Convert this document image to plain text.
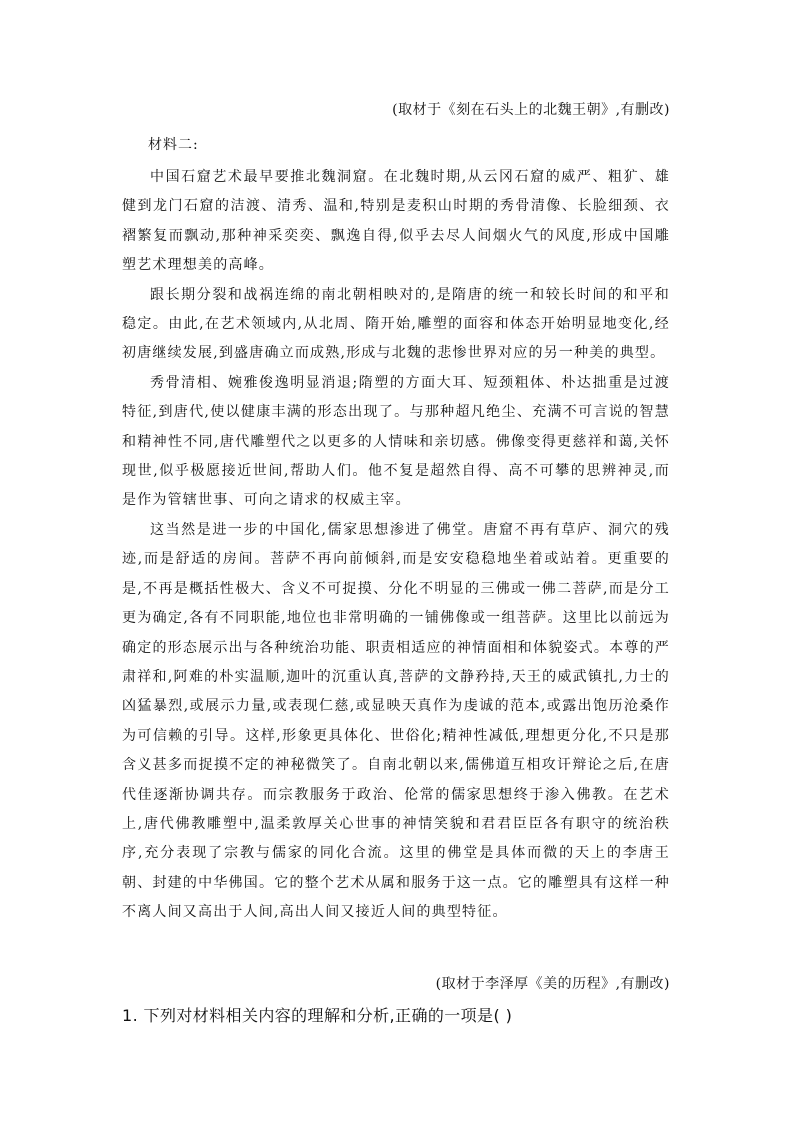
(取材于《刻在石头上的北魏王朝》,有删改)
材料二:

中国石窟艺术最早要推北魏洞窟。在北魏时期,从云冈石窟的威严、粗犷、雄健到龙门石窟的洁渡、清秀、温和,特别是麦积山时期的秀骨清像、长脸细颈、衣褶繁复而飘动,那种神采奕奕、飘逸自得,似乎去尽人间烟火气的风度,形成中国雕塑艺术理想美的高峰。

跟长期分裂和战祸连绵的南北朝相映对的,是隋唐的统一和较长时间的和平和稳定。由此,在艺术领域内,从北周、隋开始,雕塑的面容和体态开始明显地变化,经初唐继续发展,到盛唐确立而成熟,形成与北魏的悲惨世界对应的另一种美的典型。

秀骨清相、婉雅俊逸明显消退;隋塑的方面大耳、短颈粗体、朴达拙重是过渡特征,到唐代,使以健康丰满的形态出现了。与那种超凡绝尘、充满不可言说的智慧和精神性不同,唐代雕塑代之以更多的人情味和亲切感。佛像变得更慈祥和蔼,关怀现世,似乎极愿接近世间,帮助人们。他不复是超然自得、高不可攀的思辨神灵,而是作为管辖世事、可向之请求的权威主宰。

这当然是进一步的中国化,儒家思想渗进了佛堂。唐窟不再有草庐、洞穴的残迹,而是舒适的房间。菩萨不再向前倾斜,而是安安稳稳地坐着或站着。更重要的是,不再是概括性极大、含义不可捉摸、分化不明显的三佛或一佛二菩萨,而是分工更为确定,各有不同职能,地位也非常明确的一铺佛像或一组菩萨。这里比以前远为确定的形态展示出与各种统治功能、职责相适应的神情面相和体貌姿式。本尊的严肃祥和,阿难的朴实温顺,迦叶的沉重认真,菩萨的文静矜持,天王的威武镇扎,力士的凶猛暴烈,或展示力量,或表现仁慈,或显映天真作为虔诚的范本,或露出饱历沧桑作为可信赖的引导。这样,形象更具体化、世俗化;精神性减低,理想更分化,不只是那含义甚多而捉摸不定的神秘微笑了。自南北朝以来,儒佛道互相攻讦辩论之后,在唐代佳逐渐协调共存。而宗教服务于政治、伦常的儒家思想终于渗入佛教。在艺术上,唐代佛教雕塑中,温柔敦厚关心世事的神情笑貌和君君臣臣各有职守的统治秩序,充分表现了宗教与儒家的同化合流。这里的佛堂是具体而微的天上的李唐王朝、封建的中华佛国。它的整个艺术从属和服务于这一点。它的雕塑具有这样一种不离人间又高出于人间,高出人间又接近人间的典型特征。

(取材于李泽厚《美的历程》,有删改)
1. 下列对材料相关内容的理解和分析,正确的一项是( )
